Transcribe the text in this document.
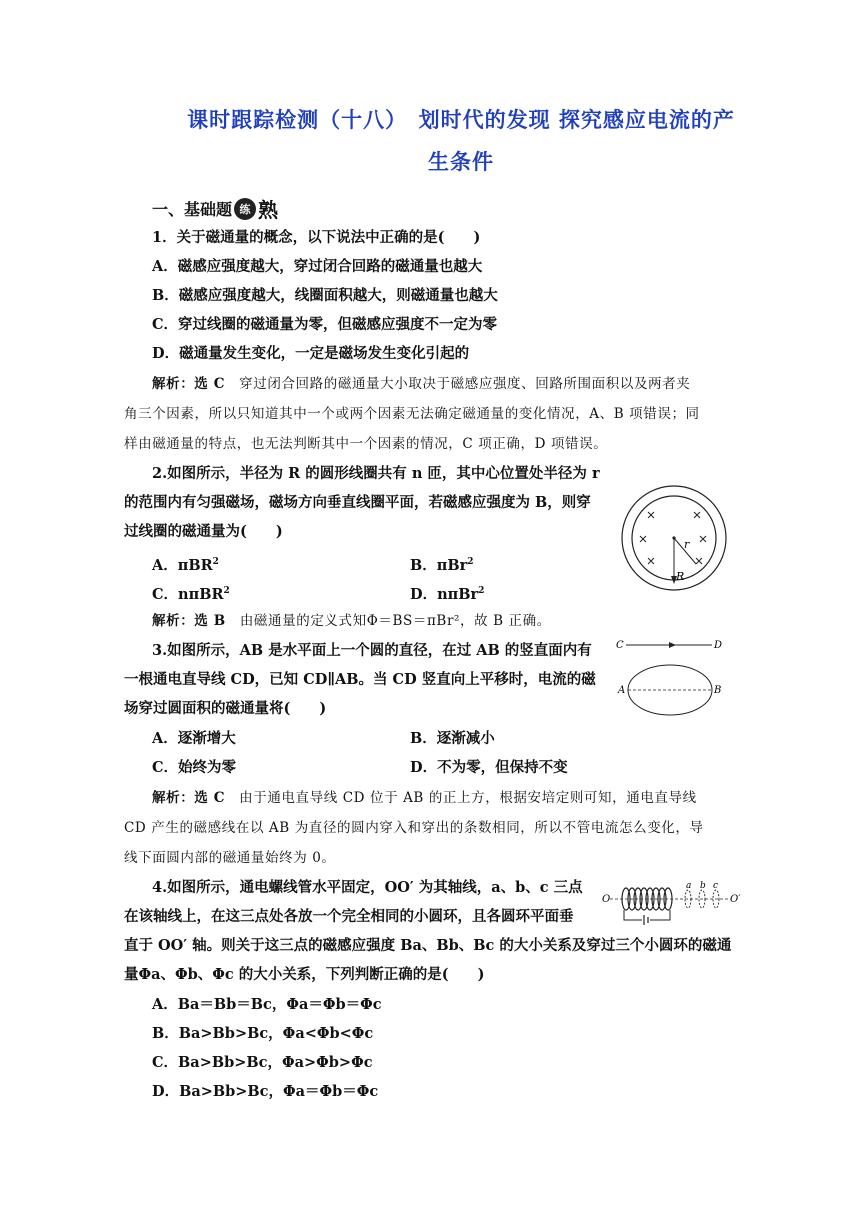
课时跟踪检测（十八）　划时代的发现 探究感应电流的产
生条件
一、基础题 练 熟
1．关于磁通量的概念，以下说法中正确的是(　　)
A．磁感应强度越大，穿过闭合回路的磁通量也越大
B．磁感应强度越大，线圈面积越大，则磁通量也越大
C．穿过线圈的磁通量为零，但磁感应强度不一定为零
D．磁通量发生变化，一定是磁场发生变化引起的
解析：选 C　穿过闭合回路的磁通量大小取决于磁感应强度、回路所围面积以及两者夹
角三个因素，所以只知道其中一个或两个因素无法确定磁通量的变化情况，A、B 项错误；同
样由磁通量的特点，也无法判断其中一个因素的情况，C 项正确，D 项错误。
2.如图所示，半径为 R 的圆形线圈共有 n 匝，其中心位置处半径为 r
的范围内有匀强磁场，磁场方向垂直线圈平面，若磁感应强度为 B，则穿
过线圈的磁通量为(　　)
A．πBR$^2$	B．πBr$^2$
C．nπBR$^2$	D．nπBr$^2$
解析：选 B　由磁通量的定义式知Φ＝BS＝πBr²，故 B 正确。
r
R
3.如图所示，AB 是水平面上一个圆的直径，在过 AB 的竖直面内有
一根通电直导线 CD，已知 CD∥AB。当 CD 竖直向上平移时，电流的磁
场穿过圆面积的磁通量将(　　)
A．逐渐增大	B．逐渐减小
C．始终为零	D．不为零，但保持不变
解析：选 C　由于通电直导线 CD 位于 AB 的正上方，根据安培定则可知，通电直导线
CD 产生的磁感线在以 AB 为直径的圆内穿入和穿出的条数相同，所以不管电流怎么变化，导
线下面圆内部的磁通量始终为 0。
C	D
A	B
4.如图所示，通电螺线管水平固定，OO′ 为其轴线，a、b、c 三点
在该轴线上，在这三点处各放一个完全相同的小圆环，且各圆环平面垂
直于 OO′ 轴。则关于这三点的磁感应强度 Ba、Bb、Bc 的大小关系及穿过三个小圆环的磁通
量Φa、Φb、Φc 的大小关系，下列判断正确的是(　　)
A．Ba＝Bb＝Bc，Φa＝Φb＝Φc
B．Ba>Bb>Bc，Φa<Φb<Φc
C．Ba>Bb>Bc，Φa>Φb>Φc
D．Ba>Bb>Bc，Φa＝Φb＝Φc
O	O′
a b c
